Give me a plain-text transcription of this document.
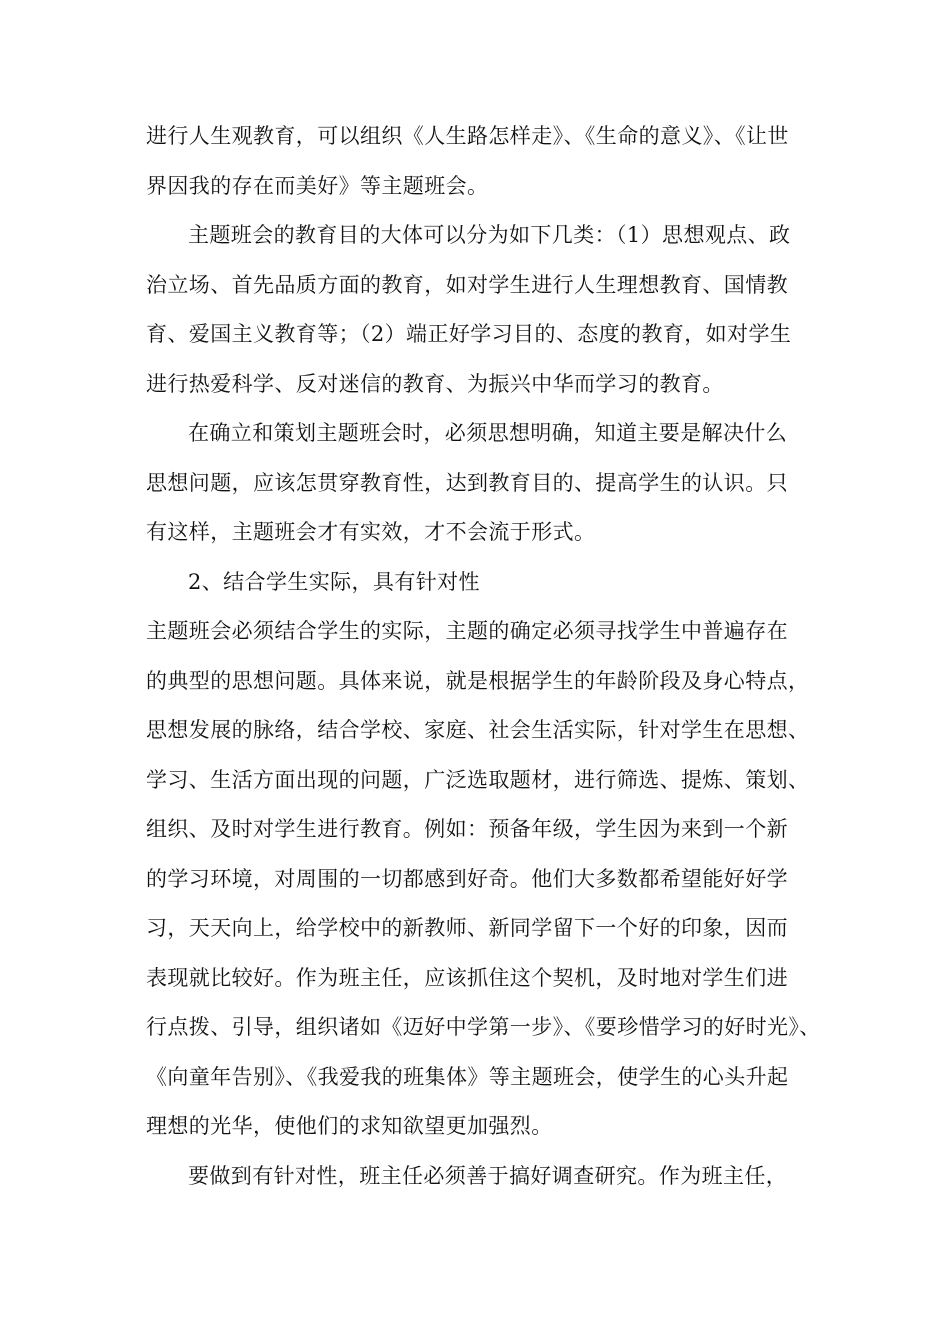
进行人生观教育，可以组织《人生路怎样走》、《生命的意义》、《让世
界因我的存在而美好》等主题班会。
主题班会的教育目的大体可以分为如下几类：（1）思想观点、政
治立场、首先品质方面的教育，如对学生进行人生理想教育、国情教
育、爱国主义教育等；（2）端正好学习目的、态度的教育，如对学生
进行热爱科学、反对迷信的教育、为振兴中华而学习的教育。
在确立和策划主题班会时，必须思想明确，知道主要是解决什么
思想问题，应该怎贯穿教育性，达到教育目的、提高学生的认识。只
有这样，主题班会才有实效，才不会流于形式。
2、结合学生实际，具有针对性
主题班会必须结合学生的实际，主题的确定必须寻找学生中普遍存在
的典型的思想问题。具体来说，就是根据学生的年龄阶段及身心特点，
思想发展的脉络，结合学校、家庭、社会生活实际，针对学生在思想、
学习、生活方面出现的问题，广泛选取题材，进行筛选、提炼、策划、
组织、及时对学生进行教育。例如：预备年级，学生因为来到一个新
的学习环境，对周围的一切都感到好奇。他们大多数都希望能好好学
习，天天向上，给学校中的新教师、新同学留下一个好的印象，因而
表现就比较好。作为班主任，应该抓住这个契机，及时地对学生们进
行点拨、引导，组织诸如《迈好中学第一步》、《要珍惜学习的好时光》、
《向童年告别》、《我爱我的班集体》等主题班会，使学生的心头升起
理想的光华，使他们的求知欲望更加强烈。
要做到有针对性，班主任必须善于搞好调查研究。作为班主任，
